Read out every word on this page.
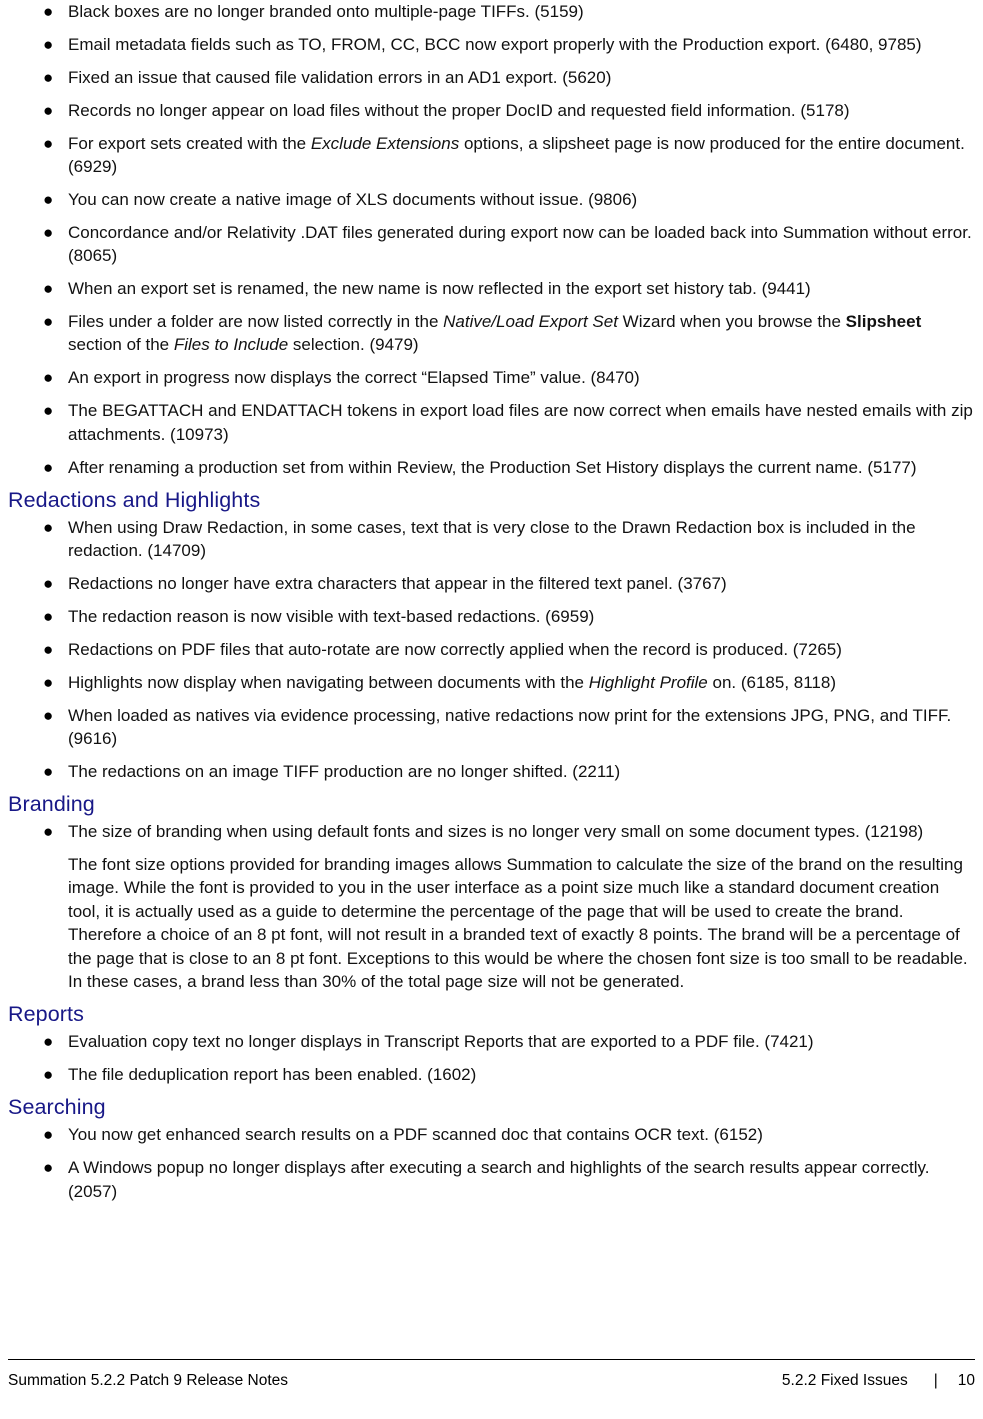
● Black boxes are no longer branded onto multiple-page TIFFs. (5159)
● Email metadata fields such as TO, FROM, CC, BCC now export properly with the Production export. (6480, 9785)
● Fixed an issue that caused file validation errors in an AD1 export. (5620)
● Records no longer appear on load files without the proper DocID and requested field information. (5178)
● For export sets created with the Exclude Extensions options, a slipsheet page is now produced for the entire document. (6929)
● You can now create a native image of XLS documents without issue. (9806)
● Concordance and/or Relativity .DAT files generated during export now can be loaded back into Summation without error. (8065)
● When an export set is renamed, the new name is now reflected in the export set history tab. (9441)
● Files under a folder are now listed correctly in the Native/Load Export Set Wizard when you browse the Slipsheet section of the Files to Include selection. (9479)
● An export in progress now displays the correct “Elapsed Time” value. (8470)
● The BEGATTACH and ENDATTACH tokens in export load files are now correct when emails have nested emails with zip attachments. (10973)
● After renaming a production set from within Review, the Production Set History displays the current name. (5177)
Redactions and Highlights
● When using Draw Redaction, in some cases, text that is very close to the Drawn Redaction box is included in the redaction. (14709)
● Redactions no longer have extra characters that appear in the filtered text panel. (3767)
● The redaction reason is now visible with text-based redactions. (6959)
● Redactions on PDF files that auto-rotate are now correctly applied when the record is produced. (7265)
● Highlights now display when navigating between documents with the Highlight Profile on. (6185, 8118)
● When loaded as natives via evidence processing, native redactions now print for the extensions JPG, PNG, and TIFF. (9616)
● The redactions on an image TIFF production are no longer shifted. (2211)
Branding
● The size of branding when using default fonts and sizes is no longer very small on some document types. (12198)
The font size options provided for branding images allows Summation to calculate the size of the brand on the resulting image. While the font is provided to you in the user interface as a point size much like a standard document creation tool, it is actually used as a guide to determine the percentage of the page that will be used to create the brand. Therefore a choice of an 8 pt font, will not result in a branded text of exactly 8 points. The brand will be a percentage of the page that is close to an 8 pt font. Exceptions to this would be where the chosen font size is too small to be readable. In these cases, a brand less than 30% of the total page size will not be generated.
Reports
● Evaluation copy text no longer displays in Transcript Reports that are exported to a PDF file. (7421)
● The file deduplication report has been enabled. (1602)
Searching
● You now get enhanced search results on a PDF scanned doc that contains OCR text. (6152)
● A Windows popup no longer displays after executing a search and highlights of the search results appear correctly. (2057)
Summation 5.2.2 Patch 9 Release Notes	5.2.2 Fixed Issues | 10
